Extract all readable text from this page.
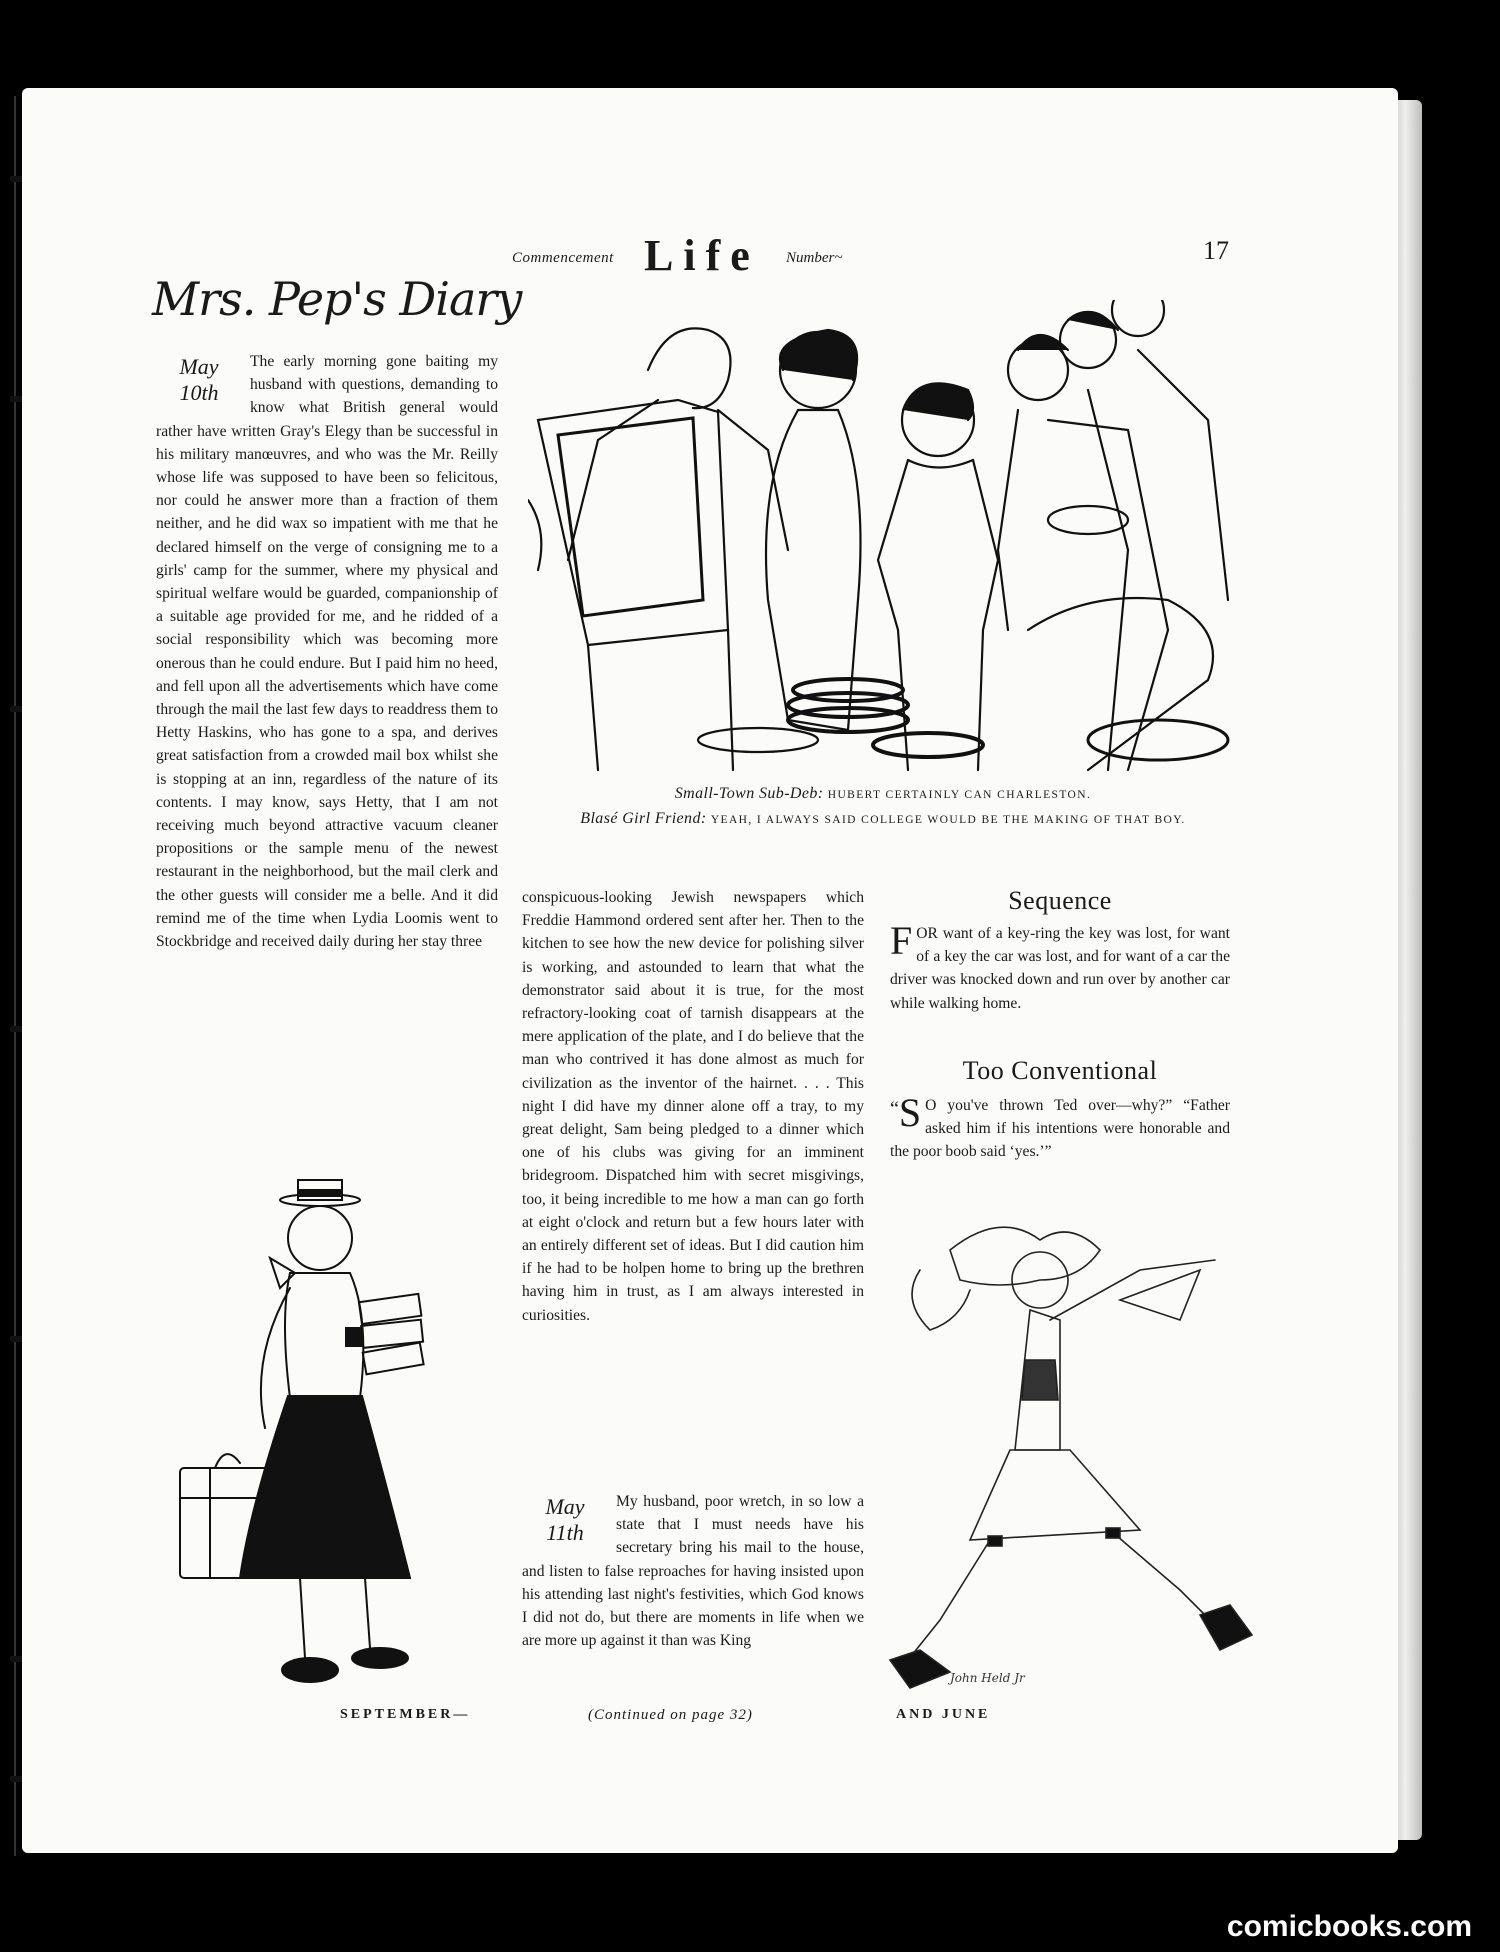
Commencement Life Number~	17
Mrs. Pep's Diary
May
10th

The early morning gone baiting my husband with questions, demanding to know what British general would rather have written Gray's Elegy than be successful in his military manœuvres, and who was the Mr. Reilly whose life was supposed to have been so felicitous, nor could he answer more than a fraction of them neither, and he did wax so impatient with me that he declared himself on the verge of consigning me to a girls' camp for the summer, where my physical and spiritual welfare would be guarded, companionship of a suitable age provided for me, and he ridded of a social responsibility which was becoming more onerous than he could endure. But I paid him no heed, and fell upon all the advertisements which have come through the mail the last few days to readdress them to Hetty Haskins, who has gone to a spa, and derives great satisfaction from a crowded mail box whilst she is stopping at an inn, regardless of the nature of its contents. I may know, says Hetty, that I am not receiving much beyond attractive vacuum cleaner propositions or the sample menu of the newest restaurant in the neighborhood, but the mail clerk and the other guests will consider me a belle. And it did remind me of the time when Lydia Loomis went to Stockbridge and received daily during her stay three

Small-Town Sub-Deb: HUBERT CERTAINLY CAN CHARLESTON.
Blasé Girl Friend: YEAH, I ALWAYS SAID COLLEGE WOULD BE THE MAKING OF THAT BOY.

conspicuous-looking Jewish newspapers which Freddie Hammond ordered sent after her. Then to the kitchen to see how the new device for polishing silver is working, and astounded to learn that what the demonstrator said about it is true, for the most refractory-looking coat of tarnish disappears at the mere application of the plate, and I do believe that the man who contrived it has done almost as much for civilization as the inventor of the hairnet. . . . This night I did have my dinner alone off a tray, to my great delight, Sam being pledged to a dinner which one of his clubs was giving for an imminent bridegroom. Dispatched him with secret misgivings, too, it being incredible to me how a man can go forth at eight o'clock and return but a few hours later with an entirely different set of ideas. But I did caution him if he had to be holpen home to bring up the brethren having him in trust, as I am always interested in curiosities.

May
11th

My husband, poor wretch, in so low a state that I must needs have his secretary bring his mail to the house, and listen to false reproaches for having insisted upon his attending last night's festivities, which God knows I did not do, but there are moments in life when we are more up against it than was King

(Continued on page 32)
Sequence
F OR want of a key-ring the key was lost, for want of a key the car was lost, and for want of a car the driver was knocked down and run over by another car while walking home.

Too Conventional
“ S O you've thrown Ted over—why?” “Father asked him if his intentions were honorable and the poor boob said ‘yes.’”

John Held Jr
SEPTEMBER—	AND JUNE
comicbooks.com
